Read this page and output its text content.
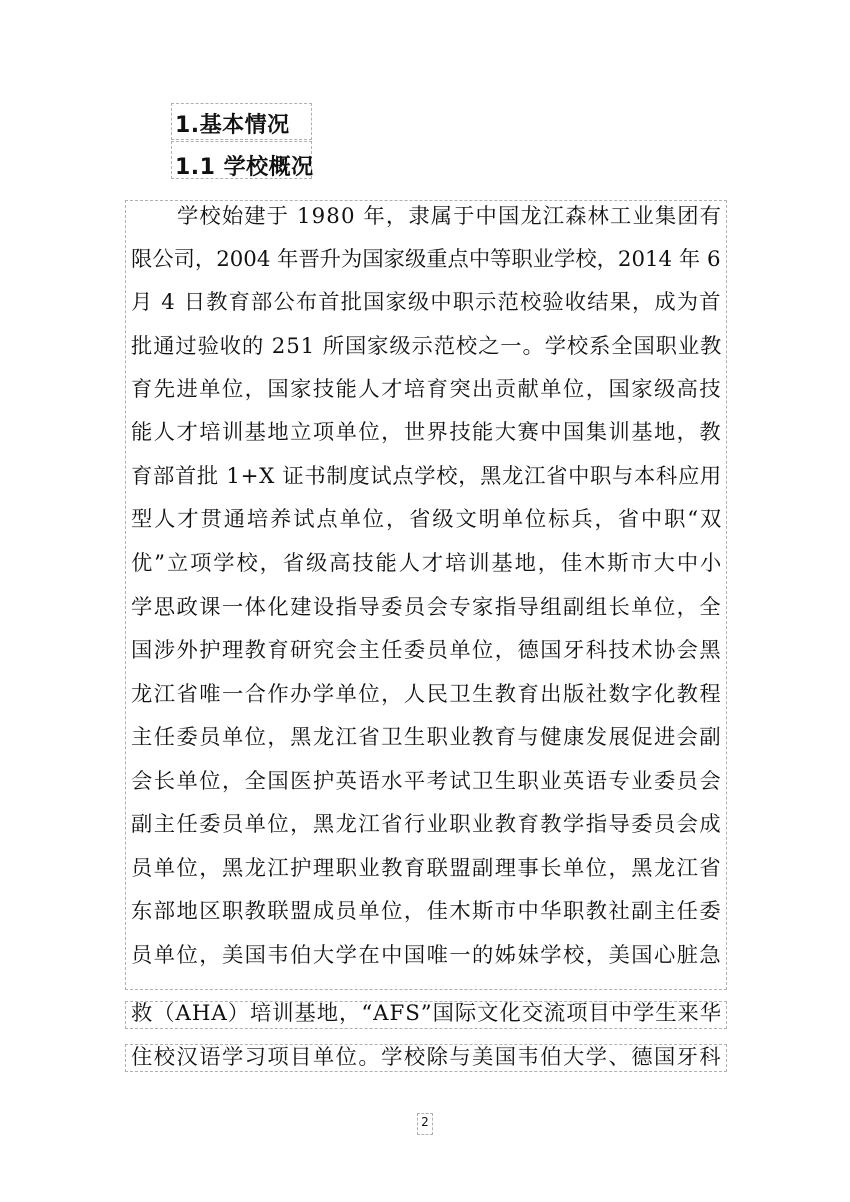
1.基本情况
1.1 学校概况
学校始建于 1980 年，隶属于中国龙江森林工业集团有
限公司，2004 年晋升为国家级重点中等职业学校，2014 年 6
月 4 日教育部公布首批国家级中职示范校验收结果，成为首
批通过验收的 251 所国家级示范校之一。学校系全国职业教
育先进单位，国家技能人才培育突出贡献单位，国家级高技
能人才培训基地立项单位，世界技能大赛中国集训基地，教
育部首批 1+X 证书制度试点学校，黑龙江省中职与本科应用
型人才贯通培养试点单位，省级文明单位标兵，省中职“双
优”立项学校，省级高技能人才培训基地，佳木斯市大中小
学思政课一体化建设指导委员会专家指导组副组长单位，全
国涉外护理教育研究会主任委员单位，德国牙科技术协会黑
龙江省唯一合作办学单位，人民卫生教育出版社数字化教程
主任委员单位，黑龙江省卫生职业教育与健康发展促进会副
会长单位，全国医护英语水平考试卫生职业英语专业委员会
副主任委员单位，黑龙江省行业职业教育教学指导委员会成
员单位，黑龙江护理职业教育联盟副理事长单位，黑龙江省
东部地区职教联盟成员单位，佳木斯市中华职教社副主任委
员单位，美国韦伯大学在中国唯一的姊妹学校，美国心脏急
救（AHA）培训基地，“AFS”国际文化交流项目中学生来华
住校汉语学习项目单位。学校除与美国韦伯大学、德国牙科
2
